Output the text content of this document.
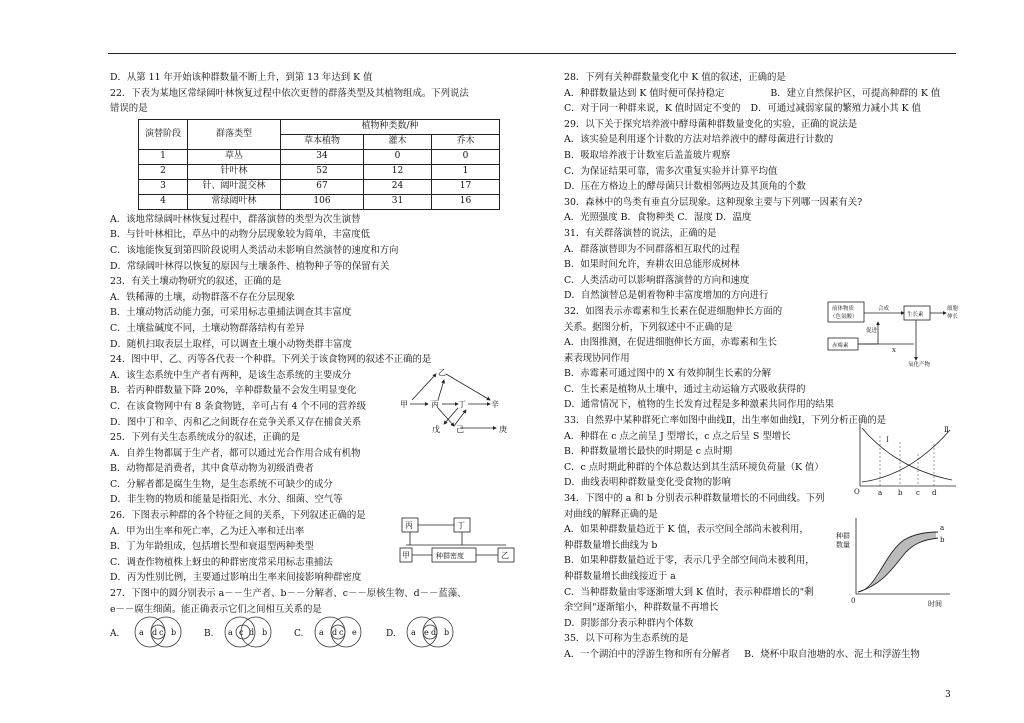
D．从第 11 年开始该种群数量不断上升，到第 13 年达到 K 值
22．下表为某地区常绿阔叶林恢复过程中依次更替的群落类型及其植物组成。下列说法
错误的是
演替阶段	群落类型	植物种类数/种		
		草本植物	灌木	乔木
1	草丛	34	0	0
2	针叶林	52	12	1
3	针、阔叶混交林	67	24	17
4	常绿阔叶林	106	31	16
A．该地常绿阔叶林恢复过程中，群落演替的类型为次生演替
B．与针叶林相比，草丛中的动物分层现象较为简单，丰富度低
C．该地能恢复到第四阶段说明人类活动未影响自然演替的速度和方向
D．常绿阔叶林得以恢复的原因与土壤条件、植物种子等的保留有关
23．有关土壤动物研究的叙述，正确的是
A．铁稀薄的土壤，动物群落不存在分层现象
B．土壤动物活动能力强，可采用标志重捕法调查其丰富度
C．土壤盐碱度不同，土壤动物群落结构有差异
D．随机扫取表层土取样，可以调查土壤小动物类群丰富度
24．图中甲、乙、丙等各代表一个种群。下列关于该食物网的叙述不正确的是
A．该生态系统中生产者有两种，是该生态系统的主要成分
B．若丙种群数量下降 20%，辛种群数量不会发生明显变化
C．在该食物网中有 8 条食物链，辛可占有 4 个不同的营养级
D．图中丁和辛、丙和乙之间既存在竞争关系又存在捕食关系
25．下列有关生态系统成分的叙述，正确的是
A．自养生物都属于生产者，都可以通过光合作用合成有机物
B．动物都是消费者，其中食草动物为初级消费者
C．分解者都是腐生生物，是生态系统不可缺少的成分
D．非生物的物质和能量是指阳光、水分、细菌、空气等
26．下图表示种群的各个特征之间的关系，下列叙述正确的是
A．甲为出生率和死亡率，乙为迁入率和迁出率
B．丁为年龄组成，包括增长型和衰退型两种类型
C．调查作物植株上蚜虫的种群密度常采用标志重捕法
D．丙为性别比例，主要通过影响出生率来间接影响种群密度
27．下图中的圆分别表示 a－－生产者、b－－分解者、c－－原核生物、d－－蓝藻、
e－－腐生细菌。能正确表示它们之间相互关系的是
甲	丙
乙
丁	辛
戊 己	庚
丙	丁
甲	乙
种群密度
A.	B.	C.	D.
a d c b	a c d b	a d c e	a e d b
28．下列有关种群数量变化中 K 值的叙述，正确的是
A．种群数量达到 K 值时便可保持稳定	B．建立自然保护区，可提高种群的 K 值
C．对于同一种群来说，K 值时固定不变的 D．可通过减弱家鼠的繁殖力减小其 K 值
29．以下关于探究培养液中酵母菌种群数量变化的实验，正确的说法是
A．该实验是利用逐个计数的方法对培养液中的酵母菌进行计数的
B．吸取培养液于计数室后盖盖玻片观察
C．为保证结果可靠，需多次重复实验并计算平均值
D．压在方格边上的酵母菌只计数相邻两边及其顶角的个数
30．森林中的鸟类有垂直分层现象。这种现象主要与下列哪一因素有关?
A．光照强度 B．食物种类 C．湿度 D．温度
31．有关群落演替的说法，正确的是
A．群落演替即为不同群落相互取代的过程
B．如果时间允许，弃耕农田总能形成树林
C．人类活动可以影响群落演替的方向和速度
D．自然演替总是朝着物种丰富度增加的方向进行
32．如图表示赤霉素和生长素在促进细胞伸长方面的
关系。据图分析，下列叙述中不正确的是
A．由图推测，在促进细胞伸长方面，赤霉素和生长
素表现协同作用
B．赤霉素可通过图中的 X 有效抑制生长素的分解
C．生长素是植物从土壤中，通过主动运输方式吸收获得的
D．通常情况下，植物的生长发育过程是多种激素共同作用的结果
33．自然界中某种群死亡率如图中曲线Ⅱ，出生率如曲线Ⅰ，下列分析正确的是
A．种群在 c 点之前呈 J 型增长，c 点之后呈 S 型增长
B．种群数量增长最快的时期是 c 点时期
C．c 点时期此种群的个体总数达到其生活环境负荷量（K 值）
D．曲线表明种群数量变化受食物的影响
34．下图中的 a 和 b 分别表示种群数量增长的不同曲线。下列
对曲线的解释正确的是
A．如果种群数量趋近于 K 值，表示空间全部尚未被利用，
种群数量增长曲线为 b
B．如果种群数量趋近于零，表示几乎全部空间尚未被利用，
种群数量增长曲线接近于 a
C．当种群数量由零逐渐增大到 K 值时，表示种群增长的"剩
余空间"逐渐缩小，种群数量不再增长
D．阴影部分表示种群内个体数
35．以下可称为生态系统的是
A．一个湖泊中的浮游生物和所有分解者 B．烧杯中取自池塘的水、泥土和浮游生物
前体物质
（色氨酸）
合成
生长素
细胞
伸长
促进
赤霉素
X
氧化产物
Ⅰ
Ⅱ
O	a b c d
种群
数量
a
b
0	时间
3
